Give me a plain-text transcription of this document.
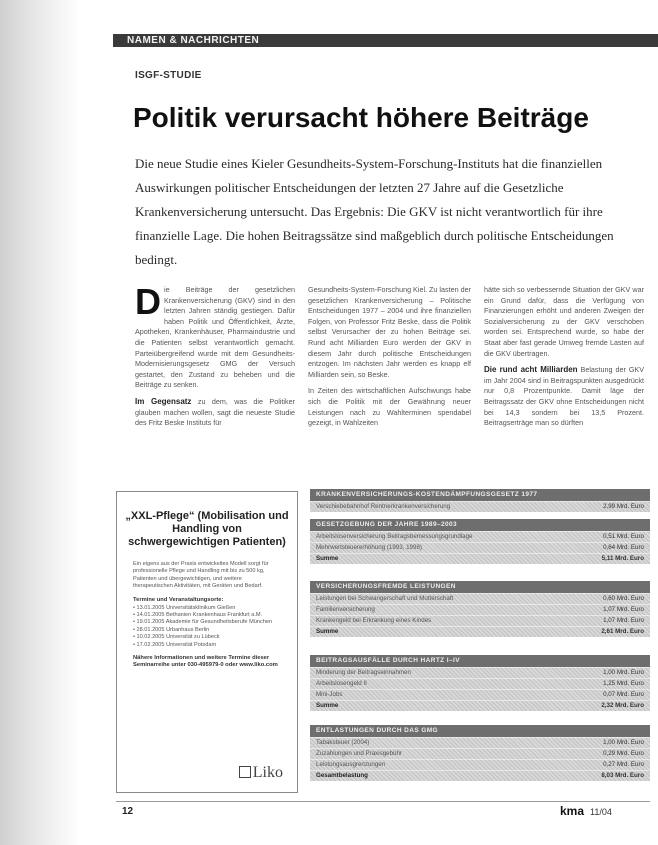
NAMEN & NACHRICHTEN
ISGF-STUDIE
Politik verursacht höhere Beiträge
Die neue Studie eines Kieler Gesundheits-System-Forschung-Instituts hat die finanziellen Auswirkungen politischer Entscheidungen der letzten 27 Jahre auf die Gesetzliche Krankenversicherung untersucht. Das Ergebnis: Die GKV ist nicht verantwortlich für ihre finanzielle Lage. Die hohen Beitragssätze sind maßgeblich durch politische Entscheidungen bedingt.

Die Beiträge der gesetzlichen Krankenversicherung (GKV) sind in den letzten Jahren ständig gestiegen. Dafür haben Politik und Öffentlichkeit, Ärzte, Apotheken, Krankenhäuser, Pharmaindustrie und die Patienten selbst verantwortlich gemacht. Parteiübergreifend wurde mit dem Gesundheits-Modernisierungsgesetz GMG der Versuch gestartet, den Zustand zu beheben und die Beiträge zu senken.

Im Gegensatz zu dem, was die Politiker glauben machen wollen, sagt die neueste Studie des Fritz Beske Instituts für

Gesundheits-System-Forschung Kiel. Zu lasten der gesetzlichen Krankenversicherung – Politische Entscheidungen 1977 – 2004 und ihre finanziellen Folgen, von Professor Fritz Beske, dass die Politik selbst Verursacher der zu hohen Beiträge sei. Rund acht Milliarden Euro werden der GKV in diesem Jahr durch politische Entscheidungen entzogen. Im nächsten Jahr werden es knapp elf Milliarden sein, so Beske.

In Zeiten des wirtschaftlichen Aufschwungs habe sich die Politik mit der Gewährung neuer Leistungen nach zu Wahlterminen spendabel gezeigt, in Wahlzeiten

hätte sich so verbessernde Situation der GKV war ein Grund dafür, dass die Verfügung von Finanzierungen erhöht und anderen Zweigen der Sozialversicherung zu der GKV verschoben worden sei. Entsprechend wurde, so habe der Staat aber fast gerade Umweg fremde Lasten auf die GKV übertragen.

Die rund acht Milliarden Belastung der GKV im Jahr 2004 sind in Beitragspunkten ausgedrückt nur 0,8 Prozentpunkte. Damit läge der Beitragssatz der GKV ohne Entscheidungen nicht bei 14,3 sondern bei 13,5 Prozent. Beitragserträge man so dürften

„XXL-Pflege“ (Mobilisation und Handling von schwergewichtigen Patienten)
Ein eigens aus der Praxis entwickeltes Modell sorgt für professionelle Pflege und Handling mit bis zu 500 kg, Patienten und übergewichtigen, und weitere therapeutischen Aktivitäten, mit Geräten und Bedarf.
Termine und Veranstaltungsorte:
• 13.01.2005 Universitätsklinikum Gießen
• 14.01.2005 Bethanien Krankenhaus Frankfurt a.M.
• 19.01.2005 Akademie für Gesundheitsberufe München
• 28.01.2005 Urbanhaus Berlin
• 10.02.2005 Universität zu Lübeck
• 17.02.2005 Universität Potsdam
Nähere Informationen und weitere Termine dieser Seminarreihe unter 030-495979-0 oder www.liko.com
Liko
KRANKENVERSICHERUNGS-KOSTENDÄMPFUNGSGESETZ 1977
Verschiebebahnhof Rentnerkrankenversicherung	2,99 Mrd. Euro
GESETZGEBUNG DER JAHRE 1989–2003
Arbeitslosenversicherung Beitragsbemessungsgrundlage	0,51 Mrd. Euro
Mehrwertsteuererhöhung (1993, 1998)	0,64 Mrd. Euro
Summe	5,11 Mrd. Euro
VERSICHERUNGSFREMDE LEISTUNGEN
Leistungen bei Schwangerschaft und Mutterschaft	0,60 Mrd. Euro
Familienversicherung	1,07 Mrd. Euro
Krankengeld bei Erkrankung eines Kindes	1,07 Mrd. Euro
Summe	2,61 Mrd. Euro
BEITRAGSAUSFÄLLE DURCH HARTZ I–IV
Minderung der Beitragseinnahmen	1,00 Mrd. Euro
Arbeitslosengeld II	1,25 Mrd. Euro
Mini-Jobs	0,07 Mrd. Euro
Summe	2,32 Mrd. Euro
ENTLASTUNGEN DURCH DAS GMG
Tabaksteuer (2004)	1,00 Mrd. Euro
Zuzahlungen und Praxisgebühr	0,29 Mrd. Euro
Leistungsausgrenzungen	0,27 Mrd. Euro
Gesamtbelastung	8,03 Mrd. Euro
12	kma 11/04
